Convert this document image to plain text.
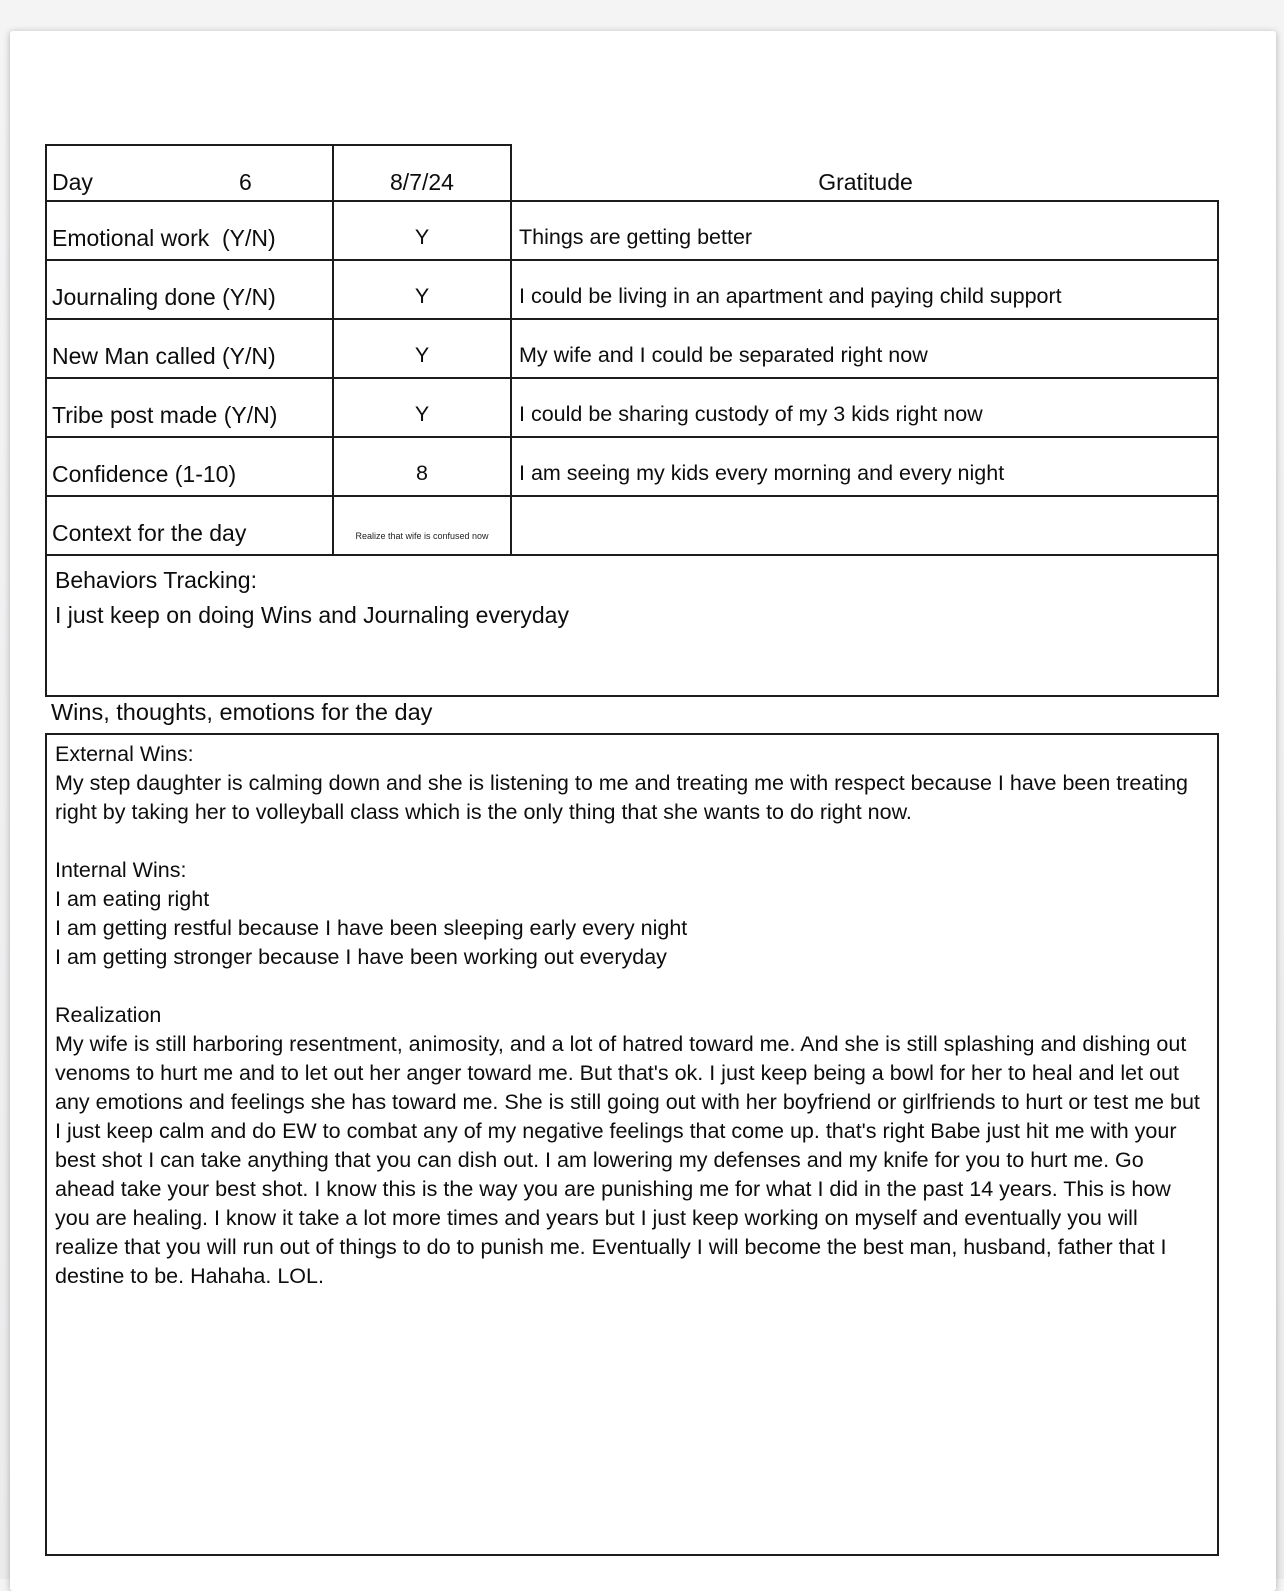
Day	6	8/7/24	Gratitude
Emotional work  (Y/N)	Y	Things are getting better
Journaling done (Y/N)	Y	I could be living in an apartment and paying child support
New Man called (Y/N)	Y	My wife and I could be separated right now
Tribe post made (Y/N)	Y	I could be sharing custody of my 3 kids right now
Confidence (1-10)	8	I am seeing my kids every morning and every night
Context for the day	Realize that wife is confused now
Behaviors Tracking:
I just keep on doing Wins and Journaling everyday
Wins, thoughts, emotions for the day
External Wins:
My step daughter is calming down and she is listening to me and treating me with respect because I have been treating right by taking her to volleyball class which is the only thing that she wants to do right now.
Internal Wins:
I am eating right
I am getting restful because I have been sleeping early every night
I am getting stronger because I have been working out everyday
Realization
My wife is still harboring resentment, animosity, and a lot of hatred toward me. And she is still splashing and dishing out venoms to hurt me and to let out her anger toward me. But that's ok. I just keep being a bowl for her to heal and let out any emotions and feelings she has toward me. She is still going out with her boyfriend or girlfriends to hurt or test me but I just keep calm and do EW to combat any of my negative feelings that come up. that's right Babe just hit me with your best shot I can take anything that you can dish out. I am lowering my defenses and my knife for you to hurt me. Go ahead take your best shot. I know this is the way you are punishing me for what I did in the past 14 years. This is how you are healing. I know it take a lot more times and years but I just keep working on myself and eventually you will realize that you will run out of things to do to punish me. Eventually I will become the best man, husband, father that I destine to be. Hahaha. LOL.
